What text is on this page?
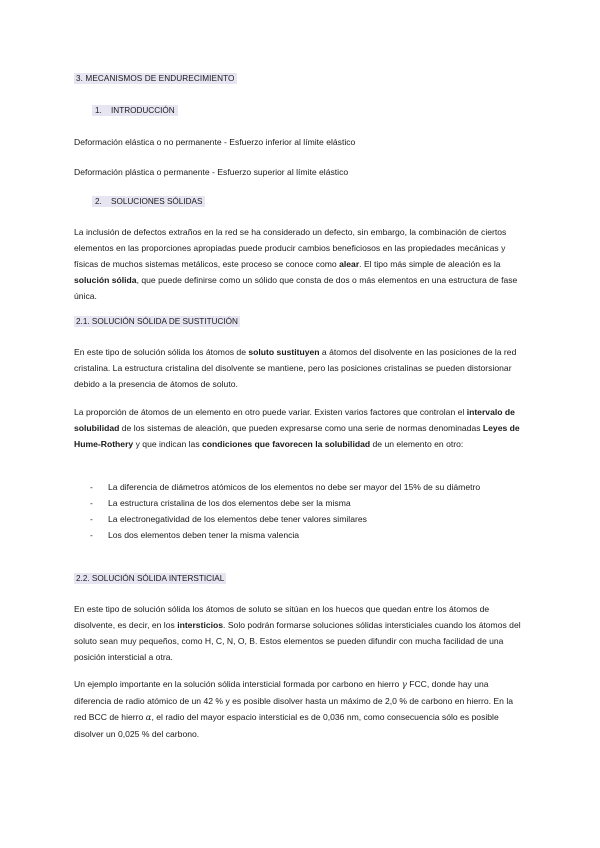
3. MECANISMOS DE ENDURECIMIENTO
1. INTRODUCCIÓN
Deformación elástica o no permanente - Esfuerzo inferior al límite elástico
Deformación plástica o permanente - Esfuerzo superior al límite elástico
2. SOLUCIONES SÓLIDAS
La inclusión de defectos extraños en la red se ha considerado un defecto, sin embargo, la combinación de ciertos elementos en las proporciones apropiadas puede producir cambios beneficiosos en las propiedades mecánicas y físicas de muchos sistemas metálicos, este proceso se conoce como alear. El tipo más simple de aleación es la solución sólida, que puede definirse como un sólido que consta de dos o más elementos en una estructura de fase única.
2.1. SOLUCIÓN SÓLIDA DE SUSTITUCIÓN
En este tipo de solución sólida los átomos de soluto sustituyen a átomos del disolvente en las posiciones de la red cristalina. La estructura cristalina del disolvente se mantiene, pero las posiciones cristalinas se pueden distorsionar debido a la presencia de átomos de soluto.
La proporción de átomos de un elemento en otro puede variar. Existen varios factores que controlan el intervalo de solubilidad de los sistemas de aleación, que pueden expresarse como una serie de normas denominadas Leyes de Hume-Rothery y que indican las condiciones que favorecen la solubilidad de un elemento en otro:
- La diferencia de diámetros atómicos de los elementos no debe ser mayor del 15% de su diámetro
- La estructura cristalina de los dos elementos debe ser la misma
- La electronegatividad de los elementos debe tener valores similares
- Los dos elementos deben tener la misma valencia
2.2. SOLUCIÓN SÓLIDA INTERSTICIAL
En este tipo de solución sólida los átomos de soluto se sitúan en los huecos que quedan entre los átomos de disolvente, es decir, en los intersticios. Solo podrán formarse soluciones sólidas intersticiales cuando los átomos del soluto sean muy pequeños, como H, C, N, O, B. Estos elementos se pueden difundir con mucha facilidad de una posición intersticial a otra.
Un ejemplo importante en la solución sólida intersticial formada por carbono en hierro γ FCC, donde hay una diferencia de radio atómico de un 42 % y es posible disolver hasta un máximo de 2,0 % de carbono en hierro. En la red BCC de hierro α, el radio del mayor espacio intersticial es de 0,036 nm, como consecuencia sólo es posible disolver un 0,025 % del carbono.
